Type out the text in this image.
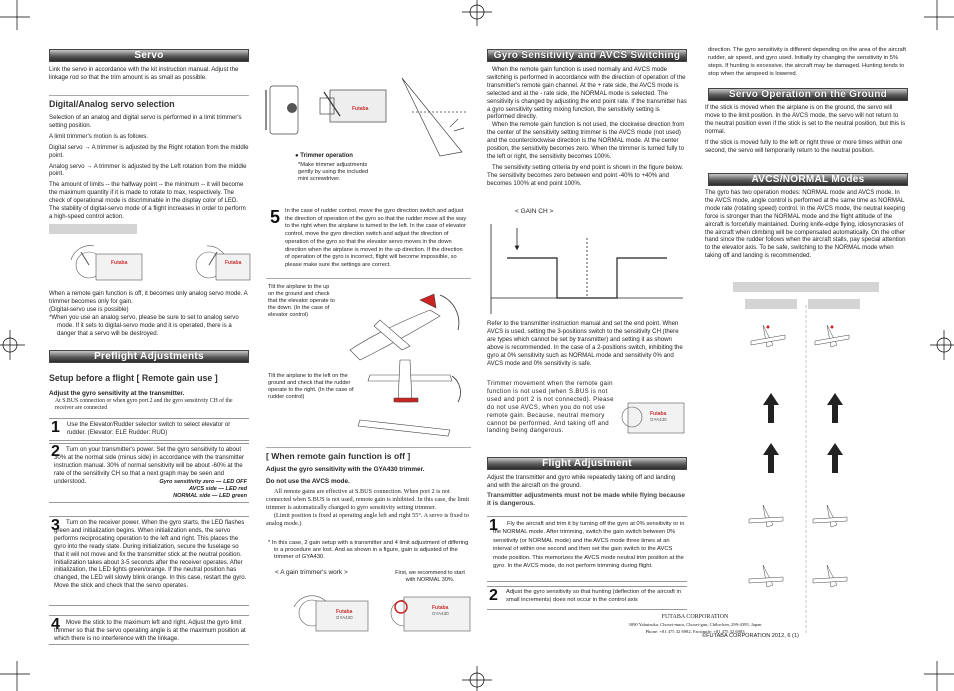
Servo
Link the servo in accordance with the kit instruction manual. Adjust the linkage rod so that the trim amount is as small as possible.
Digital/Analog servo selection

Selection of an analog and digital servo is performed in a limit trimmer's setting position.

A limit trimmer's motion is as follows.

Digital servo → A trimmer is adjusted by the Right rotation from the middle point.

Analog servo → A trimmer is adjusted by the Left rotation from the middle point.

The amount of limits -- the halfway point -- the minimum -- it will become the maximum quantity if it is made to rotate to max, respectively. The check of operational mode is discriminable in the display color of LED. The stability of digital-servo mode of a flight increases in order to perform a high-speed control action.

Futaba	Futaba

When a remote gain function is off, it becomes only analog servo mode. A trimmer becomes only for gain.

(Digital-servo use is possible)

*When you use an analog servo, please be sure to set to analog servo mode. If it sets to digital-servo mode and it is operated, there is a danger that a servo will be destroyed.

Preflight Adjustments
Setup before a flight [ Remote gain use ]
Adjust the gyro sensitivity at the transmitter.
At S.BUS connection or when gyro port 2 and the gyro sensitivity CH of the receiver are connected
1 Use the Elevator/Rudder selector switch to select elevator or rudder. (Elevator: ELE Rudder: RUD)
2 Turn on your transmitter's power. Set the gyro sensitivity to about 30% at the normal side (minus side) in accordance with the transmitter instruction manual. 30% of normal sensitivity will be about -60% at the rate of the sensitivity CH so that a next graph may be seen and understood.	Gyro sensitivity zero — LED OFF
AVCS side — LED red
NORMAL side — LED green
3 Turn on the receiver power. When the gyro starts, the LED flashes green and initialization begins. When initialization ends, the servo performs reciprocating operation to the left and right. This places the gyro into the ready state. During initialization, secure the fuselage so that it will not move and fix the transmitter stick at the neutral position. Initialization takes about 3-5 seconds after the receiver operates. After initialization, the LED lights green/orange. If the neutral position has changed, the LED will slowly blink orange. In this case, restart the gyro. Move the stick and check that the servo operates.
4 Move the stick to the maximum left and right. Adjust the gyro limit trimmer so that the servo operating angle is at the maximum position at which there is no interference with the linkage.
Futaba
● Trimmer operation
*Make trimmer adjustments gently by using the included mini screwdriver.
5 In the case of rudder control, move the gyro direction switch and adjust the direction of operation of the gyro so that the rudder move all the way to the right when the airplane is turned to the left. In the case of elevator control, move the gyro direction switch and adjust the direction of operation of the gyro so that the elevator servo moves in the down direction when the airplane is moved in the up direction. If the direction of operation of the gyro is incorrect, flight will become impossible, so please make sure the settings are correct.
Tilt the airplane to the up on the ground and check that the elevator operate to the down. (In the case of elevator control)
Tilt the airplane to the left on the ground and check that the rudder operate to the right. (In the case of rudder control)
[ When remote gain function is off ]
Adjust the gyro sensitivity with the GYA430 trimmer.
Do not use the AVCS mode.

All remote gains are effective at S.BUS connection. When port 2 is not connected when S.BUS is not used, remote gain is inhibited. In this case, the limit trimmer is automatically changed to gyro sensitivity setting trimmer.

(Limit position is fixed at operating angle left and right 55°. A servo is fixed to analog mode.)

* In this case, 2 gain setup with a transmitter and 4 limit adjustment of differing in a procedure are lost. And as shown in a figure, gain is adjusted of the trimmer of GYA430.
< A gain trimmer's work >	First, we recommend to start with NORMAL 30%.
Futaba
GYA430
Futaba
GYA430
Gyro Sensitivity and AVCS Switching

When the remote gain function is used normally and AVCS mode switching is performed in accordance with the direction of operation of the transmitter's remote gain channel. At the + rate side, the AVCS mode is selected and at the - rate side, the NORMAL mode is selected. The sensitivity is changed by adjusting the end point rate. If the transmitter has a gyro sensitivity setting mixing function, the sensitivity setting is performed directly.

When the remote gain function is not used, the clockwise direction from the center of the sensitivity setting trimmer is the AVCS mode (not used) and the counterclockwise direction is the NORMAL mode. At the center position, the sensitivity becomes zero. When the trimmer is turned fully to the left or right, the sensitivity becomes 100%.

The sensitivity setting criteria by end point is shown in the figure below. The sensitivity becomes zero between end point -40% to +40% and becomes 100% at end point 100%.

< GAIN CH >
Refer to the transmitter instruction manual and set the end point. When AVCS is used, setting the 3-positions switch to the sensitivity CH (there are types which cannot be set by transmitter) and setting it as shown above is recommended. In the case of a 2-positions switch, inhibiting the gyro at 0% sensitivity such as NORMAL mode and sensitivity 0% and AVCS mode and 0% sensitivity is safe.
Trimmer movement when the remote gain function is not used (when S.BUS is not used and port 2 is not connected). Please do not use AVCS, when you do not use remote gain. Because, neutral memory cannot be performed. And taking off and landing being dangerous.
Futaba
GYA430
Flight Adjustment
Adjust the transmitter and gyro while repeatedly taking off and landing and with the aircraft on the ground.
Transmitter adjustments must not be made while flying because it is dangerous.
1	Fly the aircraft and trim it by turning off the gyro at 0% sensitivity or in the NORMAL mode. After trimming, switch the gain switch between 0% sensitivity (or NORMAL mode) and the AVCS mode three times at an interval of within one second and then set the gain switch to the AVCS mode position. This memorizes the AVCS mode neutral trim position at the gyro. In the AVCS mode, do not perform trimming during flight.
2 Adjust the gyro sensitivity so that hunting (deflection of the aircraft in small increments) does not occur in the control axis
direction. The gyro sensitivity is different depending on the area of the aircraft rudder, air speed, and gyro used. Initially try changing the sensitivity in 5% steps. If hunting is excessive, the aircraft may be damaged. Hunting tends to stop when the airspeed is lowered.
Servo Operation on the Ground

If the stick is moved when the airplane is on the ground, the servo will move to the limit position. In the AVCS mode, the servo will not return to the neutral position even if the stick is set to the neutral position, but this is normal.

If the stick is moved fully to the left or right three or more times within one second, the servo will temporarily return to the neutral position.

AVCS/NORMAL Modes
The gyro has two operation modes: NORMAL mode and AVCS mode. In the AVCS mode, angle control is performed at the same time as NORMAL mode rate (rotating speed) control. In the AVCS mode, the neutral keeping force is stronger than the NORMAL mode and the flight attitude of the aircraft is forcefully maintained. During knife-edge flying, idiosyncrasies of the aircraft when climbing will be compensated automatically. On the other hand since the rudder follows when the aircraft stalls, pay special attention to the elevator axis. To be safe, switching to the NORMAL mode when taking off and landing is recommended.
FUTABA CORPORATION
3090 Yabutsuka, Chosei-mura, Chosei-gun, Chiba-ken, 299-4395, Japan
Phone: +81 475 32 6982, Facsimile: +81 475 32 6983
©FUTABA CORPORATION 2012, 6 (1)
